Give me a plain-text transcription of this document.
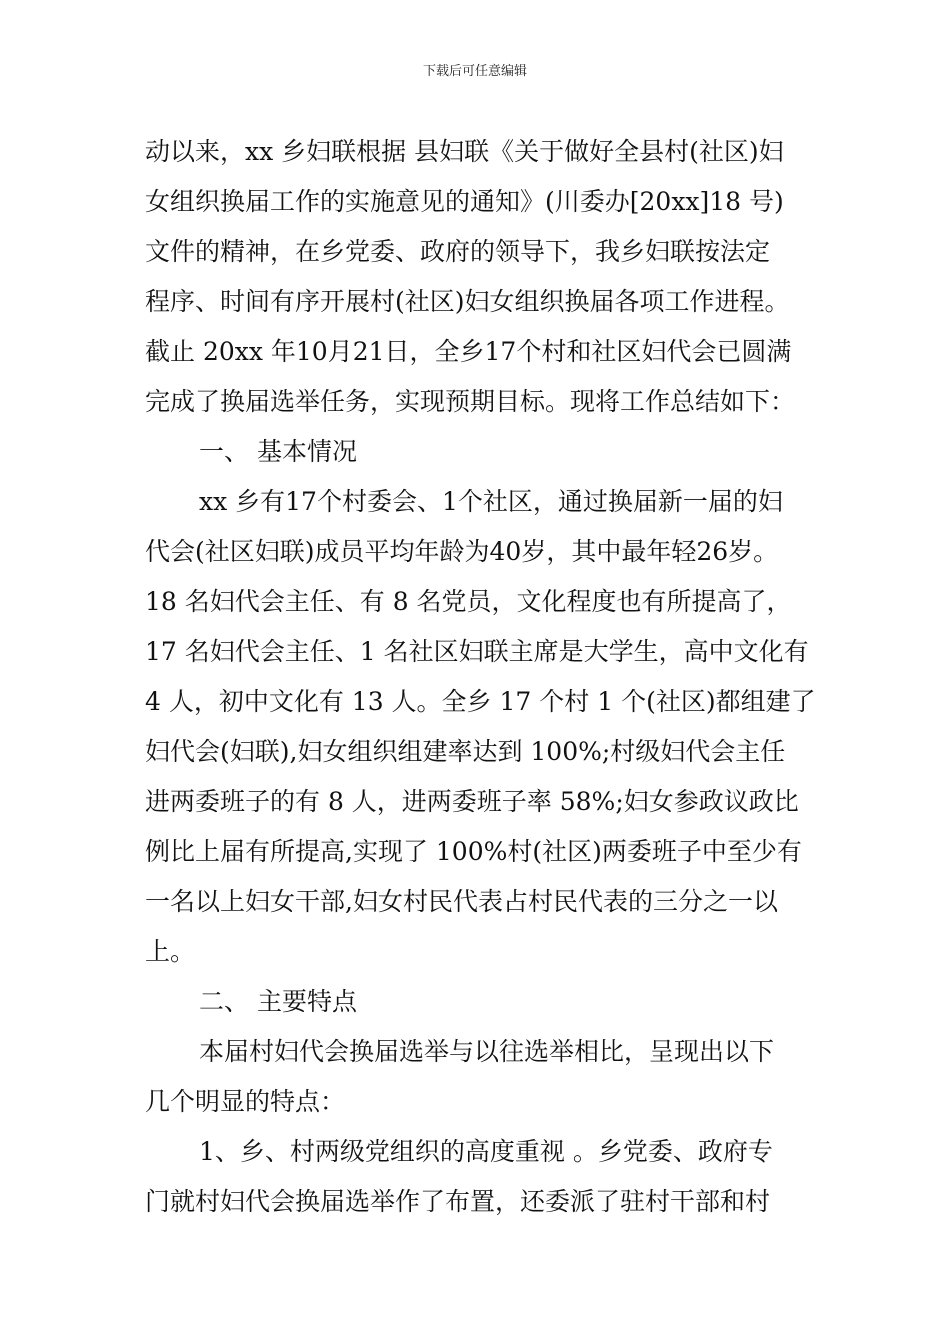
下载后可任意编辑
动以来，xx 乡妇联根据 县妇联《关于做好全县村(社区)妇
女组织换届工作的实施意见的通知》(川委办[20xx]18 号)
文件的精神，在乡党委、政府的领导下，我乡妇联按法定
程序、时间有序开展村(社区)妇女组织换届各项工作进程。
截止 20xx 年10月21日，全乡17个村和社区妇代会已圆满
完成了换届选举任务，实现预期目标。现将工作总结如下：
一、 基本情况
xx 乡有17个村委会、1个社区，通过换届新一届的妇
代会(社区妇联)成员平均年龄为40岁，其中最年轻26岁。
18 名妇代会主任、有 8 名党员，文化程度也有所提高了，
17 名妇代会主任、1 名社区妇联主席是大学生，高中文化有
4 人，初中文化有 13 人。全乡 17 个村 1 个(社区)都组建了
妇代会(妇联),妇女组织组建率达到 100%;村级妇代会主任
进两委班子的有 8 人，进两委班子率 58%;妇女参政议政比
例比上届有所提高,实现了 100%村(社区)两委班子中至少有
一名以上妇女干部,妇女村民代表占村民代表的三分之一以
上。
二、 主要特点
本届村妇代会换届选举与以往选举相比，呈现出以下
几个明显的特点：
1、乡、村两级党组织的高度重视 。乡党委、政府专
门就村妇代会换届选举作了布置，还委派了驻村干部和村
